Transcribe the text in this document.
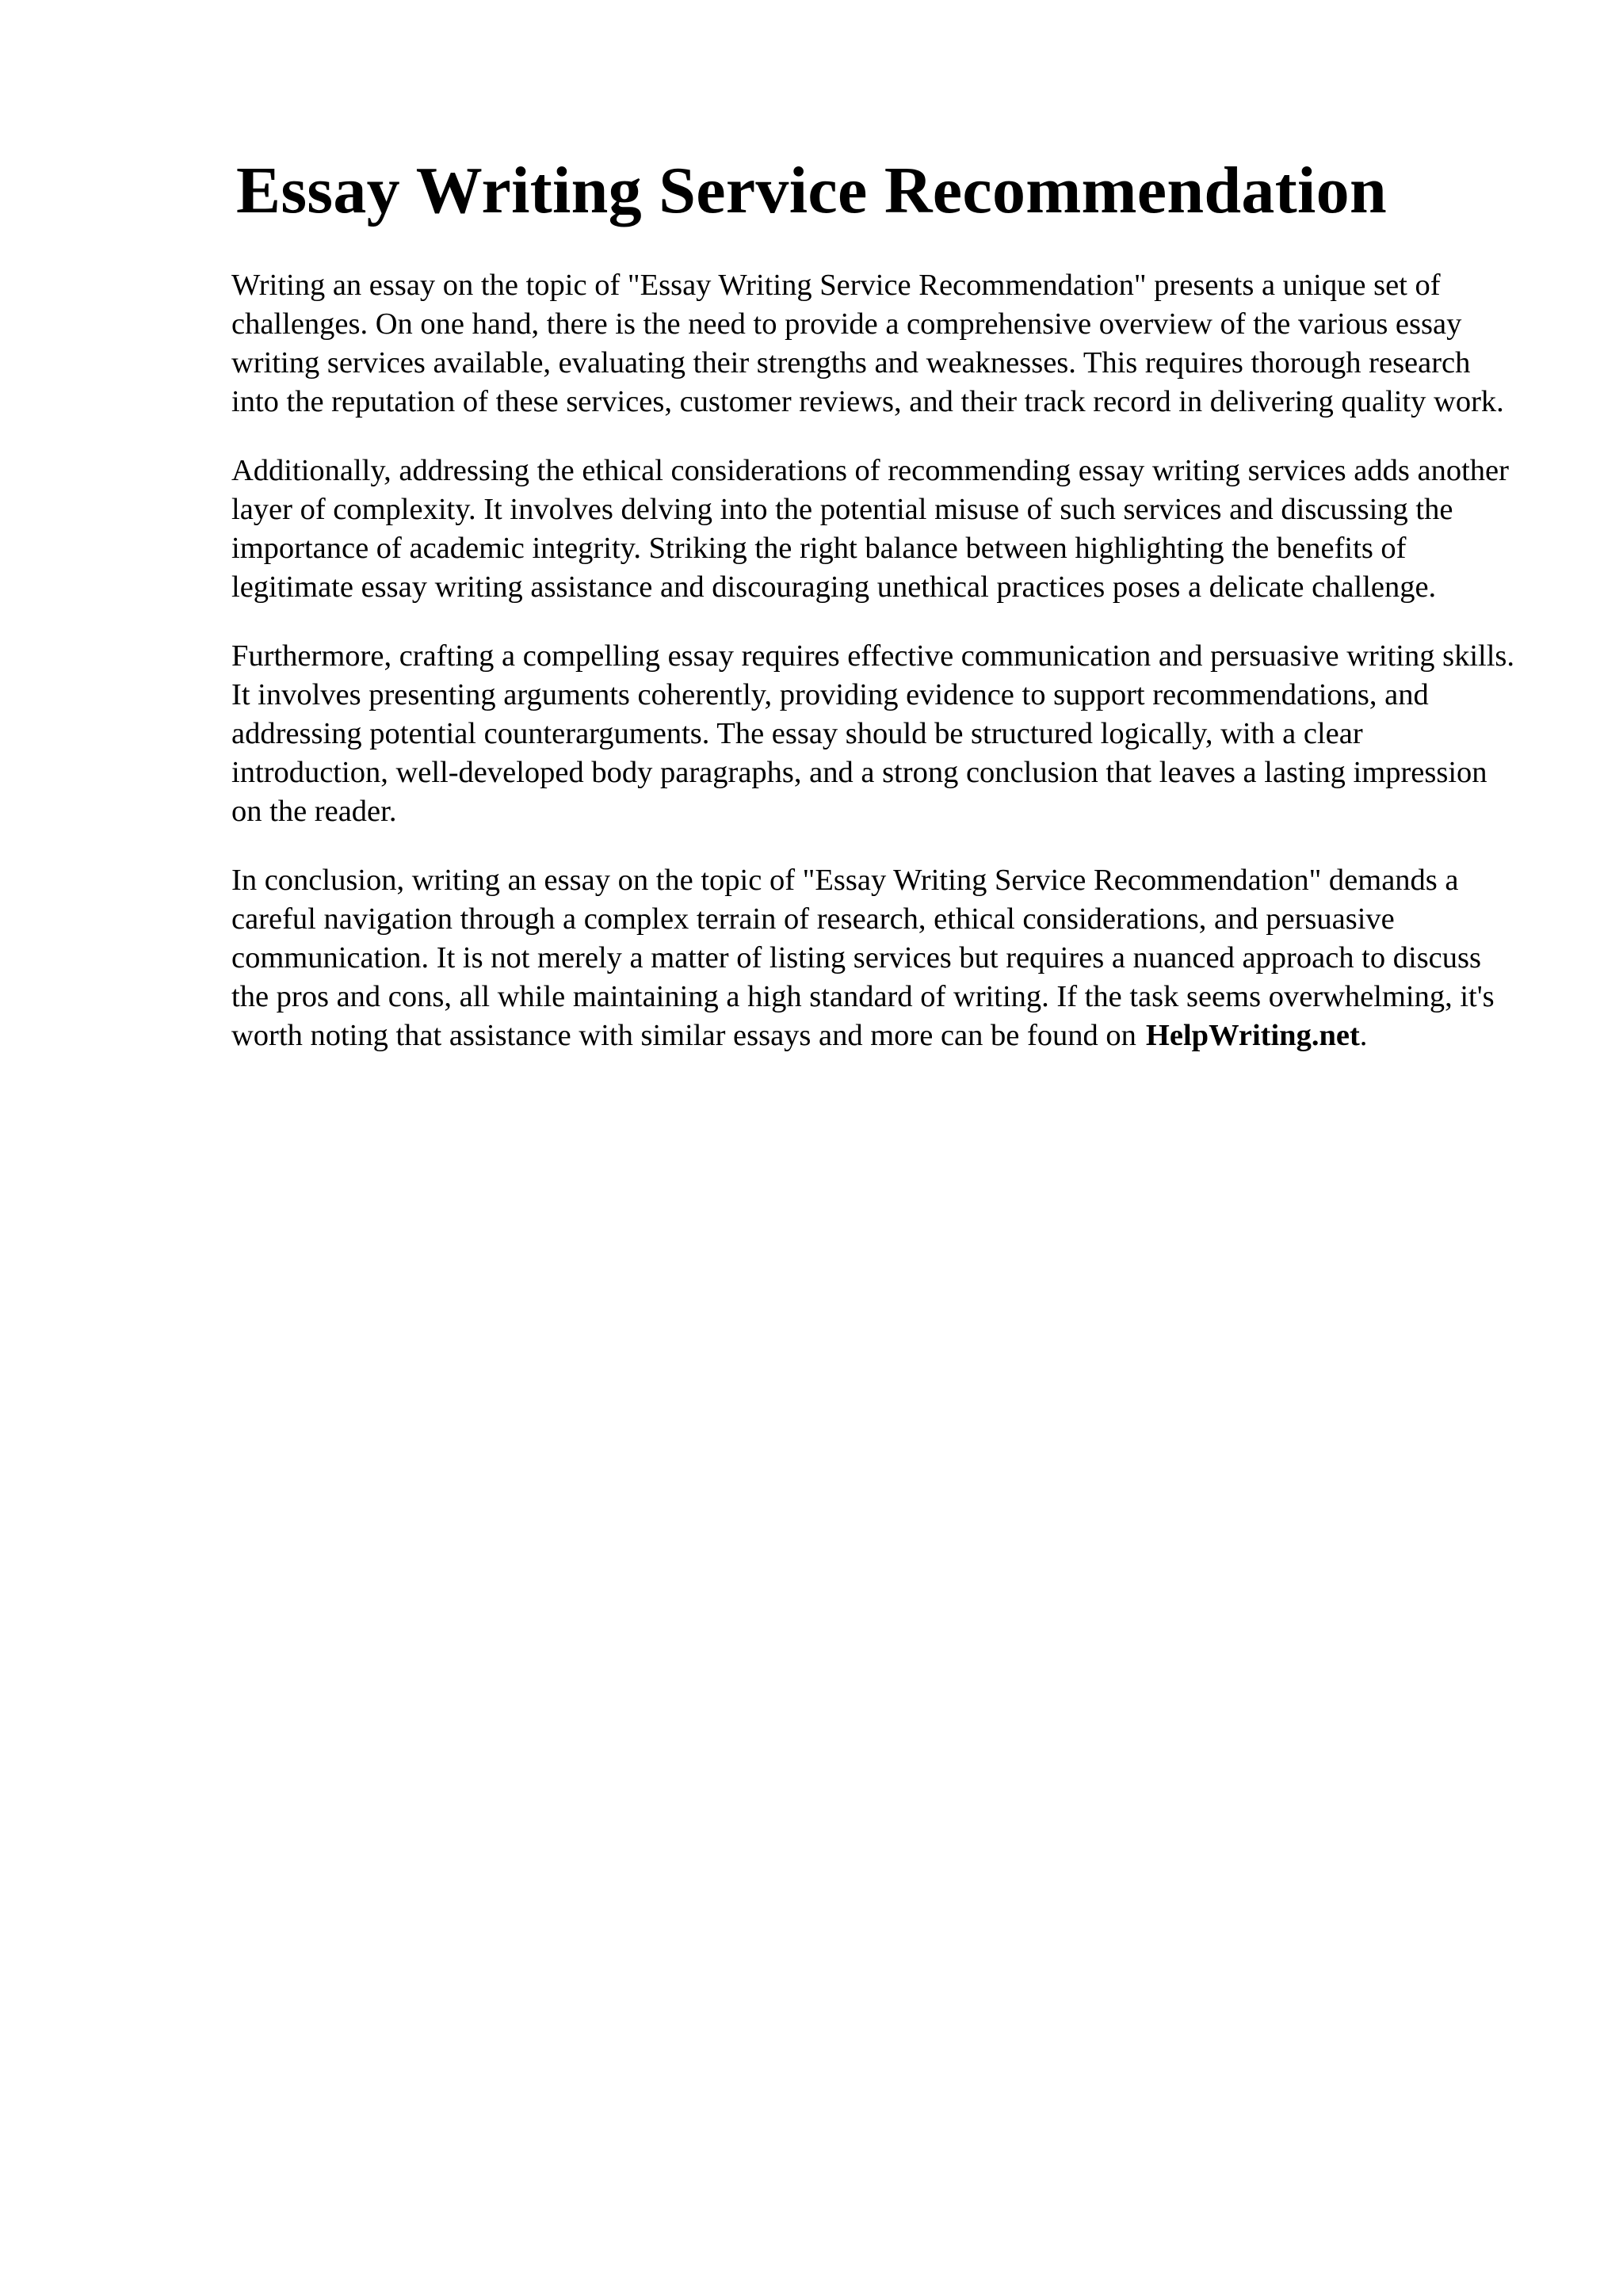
Essay Writing Service Recommendation

Writing an essay on the topic of "Essay Writing Service Recommendation" presents a unique set of challenges. On one hand, there is the need to provide a comprehensive overview of the various essay writing services available, evaluating their strengths and weaknesses. This requires thorough research into the reputation of these services, customer reviews, and their track record in delivering quality work.

Additionally, addressing the ethical considerations of recommending essay writing services adds another layer of complexity. It involves delving into the potential misuse of such services and discussing the importance of academic integrity. Striking the right balance between highlighting the benefits of legitimate essay writing assistance and discouraging unethical practices poses a delicate challenge.

Furthermore, crafting a compelling essay requires effective communication and persuasive writing skills. It involves presenting arguments coherently, providing evidence to support recommendations, and addressing potential counterarguments. The essay should be structured logically, with a clear introduction, well-developed body paragraphs, and a strong conclusion that leaves a lasting impression on the reader.

In conclusion, writing an essay on the topic of "Essay Writing Service Recommendation" demands a careful navigation through a complex terrain of research, ethical considerations, and persuasive communication. It is not merely a matter of listing services but requires a nuanced approach to discuss the pros and cons, all while maintaining a high standard of writing. If the task seems overwhelming, it's worth noting that assistance with similar essays and more can be found on HelpWriting.net.
